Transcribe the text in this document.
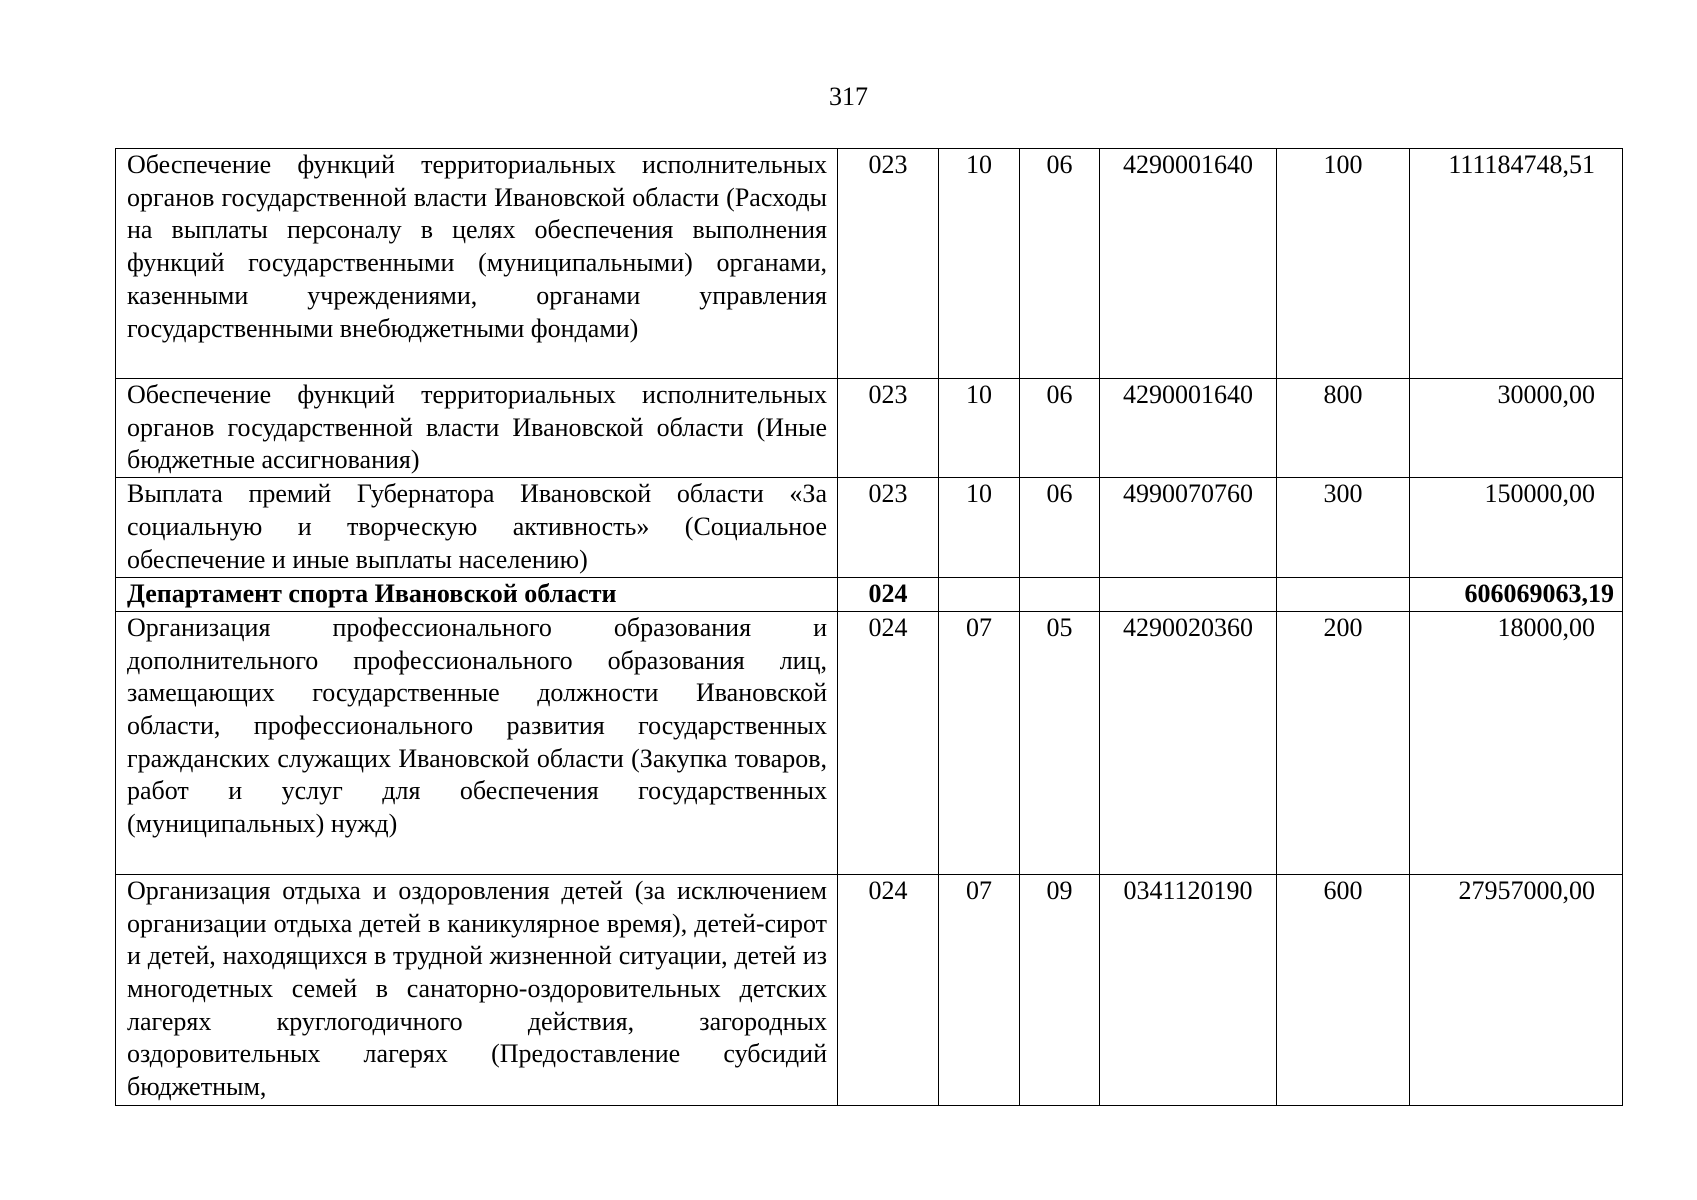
317
Обеспечение функций территориальных исполнительных органов государственной власти Ивановской области (Расходы на выплаты персоналу в целях обеспечения выполнения функций государственными (муниципальными) органами, казенными учреждениями, органами управления государственными внебюджетными фондами)	023	10	06	4290001640	100	111184748,51
Обеспечение функций территориальных исполнительных органов государственной власти Ивановской области (Иные бюджетные ассигнования)	023	10	06	4290001640	800	30000,00
Выплата премий Губернатора Ивановской области «За социальную и творческую активность» (Социальное обеспечение и иные выплаты населению)	023	10	06	4990070760	300	150000,00
Департамент спорта Ивановской области	024					606069063,19
Организация профессионального образования и дополнительного профессионального образования лиц, замещающих государственные должности Ивановской области, профессионального развития государственных гражданских служащих Ивановской области (Закупка товаров, работ и услуг для обеспечения государственных (муниципальных) нужд)	024	07	05	4290020360	200	18000,00
Организация отдыха и оздоровления детей (за исключением организации отдыха детей в каникулярное время), детей-сирот и детей, находящихся в трудной жизненной ситуации, детей из многодетных семей в санаторно-оздоровительных детских лагерях круглогодичного действия, загородных оздоровительных лагерях (Предоставление субсидий бюджетным,	024	07	09	0341120190	600	27957000,00
